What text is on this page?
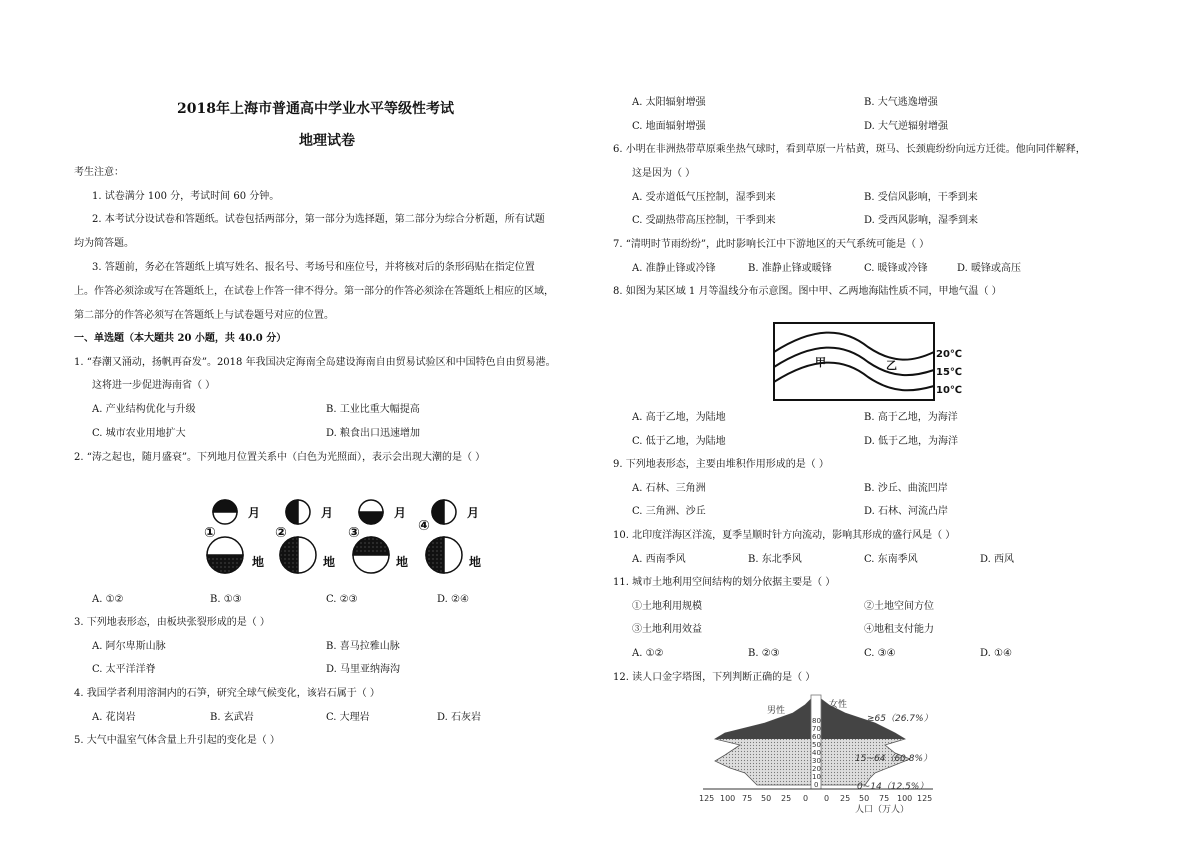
2018年上海市普通高中学业水平等级性考试
地理试卷
考生注意：
1. 试卷满分 100 分，考试时间 60 分钟。
2. 本考试分设试卷和答题纸。试卷包括两部分，第一部分为选择题，第二部分为综合分析题，所有试题
均为简答题。
3. 答题前，务必在答题纸上填写姓名、报名号、考场号和座位号，并将核对后的条形码贴在指定位置
上。作答必须涂或写在答题纸上，在试卷上作答一律不得分。第一部分的作答必须涂在答题纸上相应的区域，
第二部分的作答必须写在答题纸上与试卷题号对应的位置。
一、单选题（本大题共 20 小题，共 40.0 分）
1. “春潮又涌动，扬帆再奋发”。2018 年我国决定海南全岛建设海南自由贸易试验区和中国特色自由贸易港。
这将进一步促进海南省（ ）
A. 产业结构优化与升级	B. 工业比重大幅提高
C. 城市农业用地扩大	D. 粮食出口迅速增加
2. “涛之起也，随月盛衰”。下列地月位置关系中（白色为光照面），表示会出现大潮的是（ ）
月	月	月	月
地	地	地	地
①	②	③	④
A. ①②	B. ①③	C. ②③	D. ②④
3. 下列地表形态，由板块张裂形成的是（ ）
A. 阿尔卑斯山脉	B. 喜马拉雅山脉
C. 太平洋洋脊	D. 马里亚纳海沟
4. 我国学者利用溶洞内的石笋，研究全球气候变化，该岩石属于（ ）
A. 花岗岩	B. 玄武岩	C. 大理岩	D. 石灰岩
5. 大气中温室气体含量上升引起的变化是（ ）
A. 太阳辐射增强	B. 大气逃逸增强
C. 地面辐射增强	D. 大气逆辐射增强
6. 小明在非洲热带草原乘坐热气球时，看到草原一片枯黄，斑马、长颈鹿纷纷向远方迁徙。他向同伴解释，
这是因为（ ）
A. 受赤道低气压控制，湿季到来	B. 受信风影响，干季到来
C. 受副热带高压控制，干季到来	D. 受西风影响，湿季到来
7. “清明时节雨纷纷”，此时影响长江中下游地区的天气系统可能是（ ）
A. 准静止锋或冷锋	B. 准静止锋或暖锋	C. 暖锋或冷锋	D. 暖锋或高压
8. 如图为某区域 1 月等温线分布示意图。图中甲、乙两地海陆性质不同，甲地气温（ ）
甲	乙
20℃
15℃
10℃
A. 高于乙地，为陆地	B. 高于乙地，为海洋
C. 低于乙地，为陆地	D. 低于乙地，为海洋
9. 下列地表形态，主要由堆积作用形成的是（ ）
A. 石林、三角洲	B. 沙丘、曲流凹岸
C. 三角洲、沙丘	D. 石林、河流凸岸
10. 北印度洋海区洋流，夏季呈顺时针方向流动，影响其形成的盛行风是（ ）
A. 西南季风	B. 东北季风	C. 东南季风	D. 西风
11. 城市土地利用空间结构的划分依据主要是（ ）
①土地利用规模	②土地空间方位
③土地利用效益	④地租支付能力
A. ①②	B. ②③	C. ③④	D. ①④
12. 读人口金字塔图，下列判断正确的是（ ）
80
70
60
50
40
30
20
10
0
男性
女性
≥65（26.7%）
15~64（60.8%）
0~14（12.5%）
125 100 75 50 25 0 0 25 50 75 100 125
人口（万人）
